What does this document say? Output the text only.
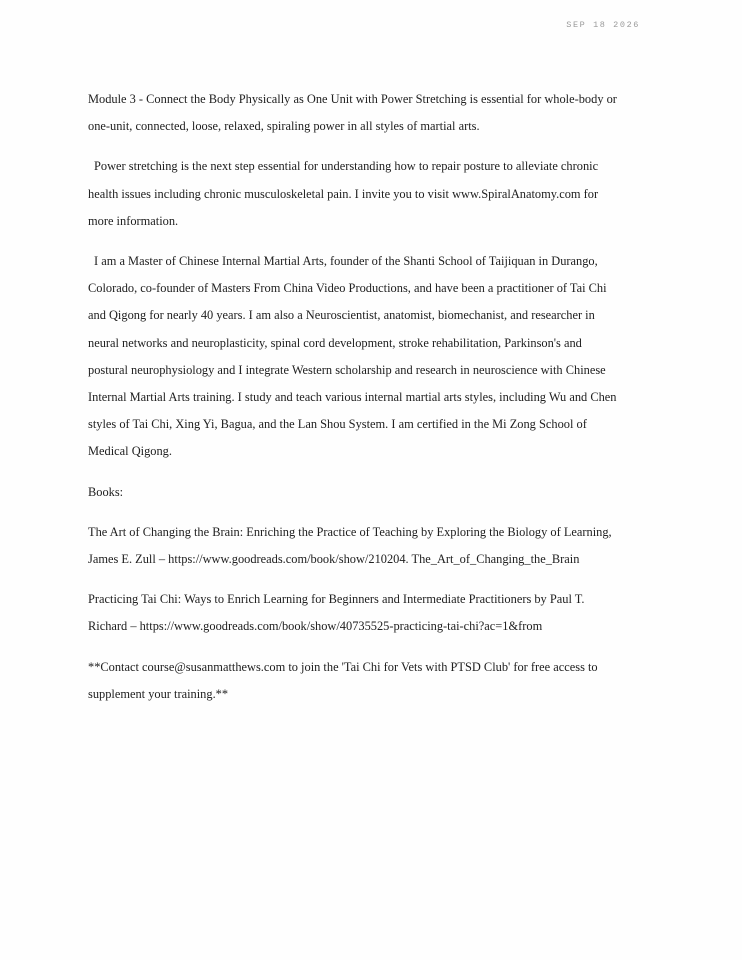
SEP 18 2026

Module 3 - Connect the Body Physically as One Unit with Power Stretching is essential for whole-body or one-unit, connected, loose, relaxed, spiraling power in all styles of martial arts.

Power stretching is the next step essential for understanding how to repair posture to alleviate chronic health issues including chronic musculoskeletal pain. I invite you to visit www.SpiralAnatomy.com for more information.

I am a Master of Chinese Internal Martial Arts, founder of the Shanti School of Taijiquan in Durango, Colorado, co-founder of Masters From China Video Productions, and have been a practitioner of Tai Chi and Qigong for nearly 40 years. I am also a Neuroscientist, anatomist, biomechanist, and researcher in neural networks and neuroplasticity, spinal cord development, stroke rehabilitation, Parkinson's and postural neurophysiology and I integrate Western scholarship and research in neuroscience with Chinese Internal Martial Arts training. I study and teach various internal martial arts styles, including Wu and Chen styles of Tai Chi, Xing Yi, Bagua, and the Lan Shou System. I am certified in the Mi Zong School of Medical Qigong.

Books:

The Art of Changing the Brain: Enriching the Practice of Teaching by Exploring the Biology of Learning, James E. Zull – https://www.goodreads.com/book/show/210204. The_Art_of_Changing_the_Brain

Practicing Tai Chi: Ways to Enrich Learning for Beginners and Intermediate Practitioners by Paul T. Richard – https://www.goodreads.com/book/show/40735525-practicing-tai-chi?ac=1&from

**Contact course@susanmatthews.com to join the 'Tai Chi for Vets with PTSD Club' for free access to supplement your training.**
